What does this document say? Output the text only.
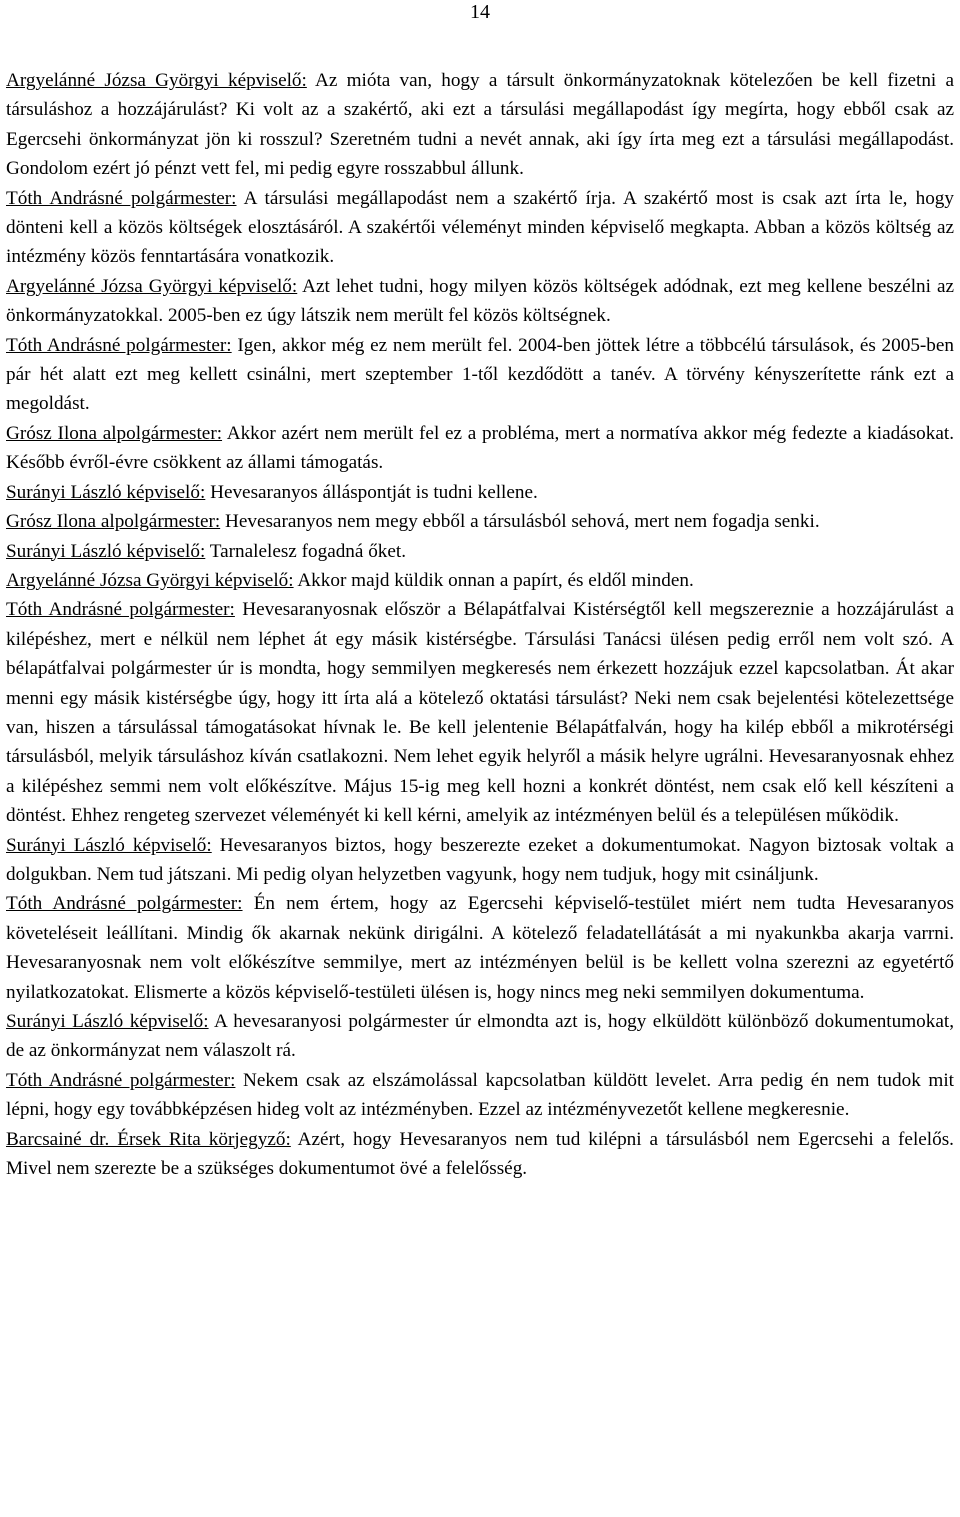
14

Argyelánné Józsa Györgyi képviselő: Az mióta van, hogy a társult önkormányzatoknak kötelezően be kell fizetni a társuláshoz a hozzájárulást? Ki volt az a szakértő, aki ezt a társulási megállapodást így megírta, hogy ebből csak az Egercsehi önkormányzat jön ki rosszul? Szeretném tudni a nevét annak, aki így írta meg ezt a társulási megállapodást. Gondolom ezért jó pénzt vett fel, mi pedig egyre rosszabbul állunk.

Tóth Andrásné polgármester: A társulási megállapodást nem a szakértő írja. A szakértő most is csak azt írta le, hogy dönteni kell a közös költségek elosztásáról. A szakértői véleményt minden képviselő megkapta. Abban a közös költség az intézmény közös fenntartására vonatkozik.

Argyelánné Józsa Györgyi képviselő: Azt lehet tudni, hogy milyen közös költségek adódnak, ezt meg kellene beszélni az önkormányzatokkal. 2005-ben ez úgy látszik nem merült fel közös költségnek.

Tóth Andrásné polgármester: Igen, akkor még ez nem merült fel. 2004-ben jöttek létre a többcélú társulások, és 2005-ben pár hét alatt ezt meg kellett csinálni, mert szeptember 1-től kezdődött a tanév. A törvény kényszerítette ránk ezt a megoldást.

Grósz Ilona alpolgármester: Akkor azért nem merült fel ez a probléma, mert a normatíva akkor még fedezte a kiadásokat. Később évről-évre csökkent az állami támogatás.

Surányi László képviselő: Hevesaranyos álláspontját is tudni kellene.

Grósz Ilona alpolgármester: Hevesaranyos nem megy ebből a társulásból sehová, mert nem fogadja senki.

Surányi László képviselő: Tarnalelesz fogadná őket.

Argyelánné Józsa Györgyi képviselő: Akkor majd küldik onnan a papírt, és eldől minden.

Tóth Andrásné polgármester: Hevesaranyosnak először a Bélapátfalvai Kistérségtől kell megszereznie a hozzájárulást a kilépéshez, mert e nélkül nem léphet át egy másik kistérségbe. Társulási Tanácsi ülésen pedig erről nem volt szó. A bélapátfalvai polgármester úr is mondta, hogy semmilyen megkeresés nem érkezett hozzájuk ezzel kapcsolatban. Át akar menni egy másik kistérségbe úgy, hogy itt írta alá a kötelező oktatási társulást? Neki nem csak bejelentési kötelezettsége van, hiszen a társulással támogatásokat hívnak le. Be kell jelentenie Bélapátfalván, hogy ha kilép ebből a mikrotérségi társulásból, melyik társuláshoz kíván csatlakozni. Nem lehet egyik helyről a másik helyre ugrálni. Hevesaranyosnak ehhez a kilépéshez semmi nem volt előkészítve. Május 15-ig meg kell hozni a konkrét döntést, nem csak elő kell készíteni a döntést. Ehhez rengeteg szervezet véleményét ki kell kérni, amelyik az intézményen belül és a településen működik.

Surányi László képviselő: Hevesaranyos biztos, hogy beszerezte ezeket a dokumentumokat. Nagyon biztosak voltak a dolgukban. Nem tud játszani. Mi pedig olyan helyzetben vagyunk, hogy nem tudjuk, hogy mit csináljunk.

Tóth Andrásné polgármester: Én nem értem, hogy az Egercsehi képviselő-testület miért nem tudta Hevesaranyos követeléseit leállítani. Mindig ők akarnak nekünk dirigálni. A kötelező feladatellátását a mi nyakunkba akarja varrni. Hevesaranyosnak nem volt előkészítve semmilye, mert az intézményen belül is be kellett volna szerezni az egyetértő nyilatkozatokat. Elismerte a közös képviselő-testületi ülésen is, hogy nincs meg neki semmilyen dokumentuma.

Surányi László képviselő: A hevesaranyosi polgármester úr elmondta azt is, hogy elküldött különböző dokumentumokat, de az önkormányzat nem válaszolt rá.

Tóth Andrásné polgármester: Nekem csak az elszámolással kapcsolatban küldött levelet. Arra pedig én nem tudok mit lépni, hogy egy továbbképzésen hideg volt az intézményben. Ezzel az intézményvezetőt kellene megkeresnie.

Barcsainé dr. Érsek Rita körjegyző: Azért, hogy Hevesaranyos nem tud kilépni a társulásból nem Egercsehi a felelős. Mivel nem szerezte be a szükséges dokumentumot övé a felelősség.
